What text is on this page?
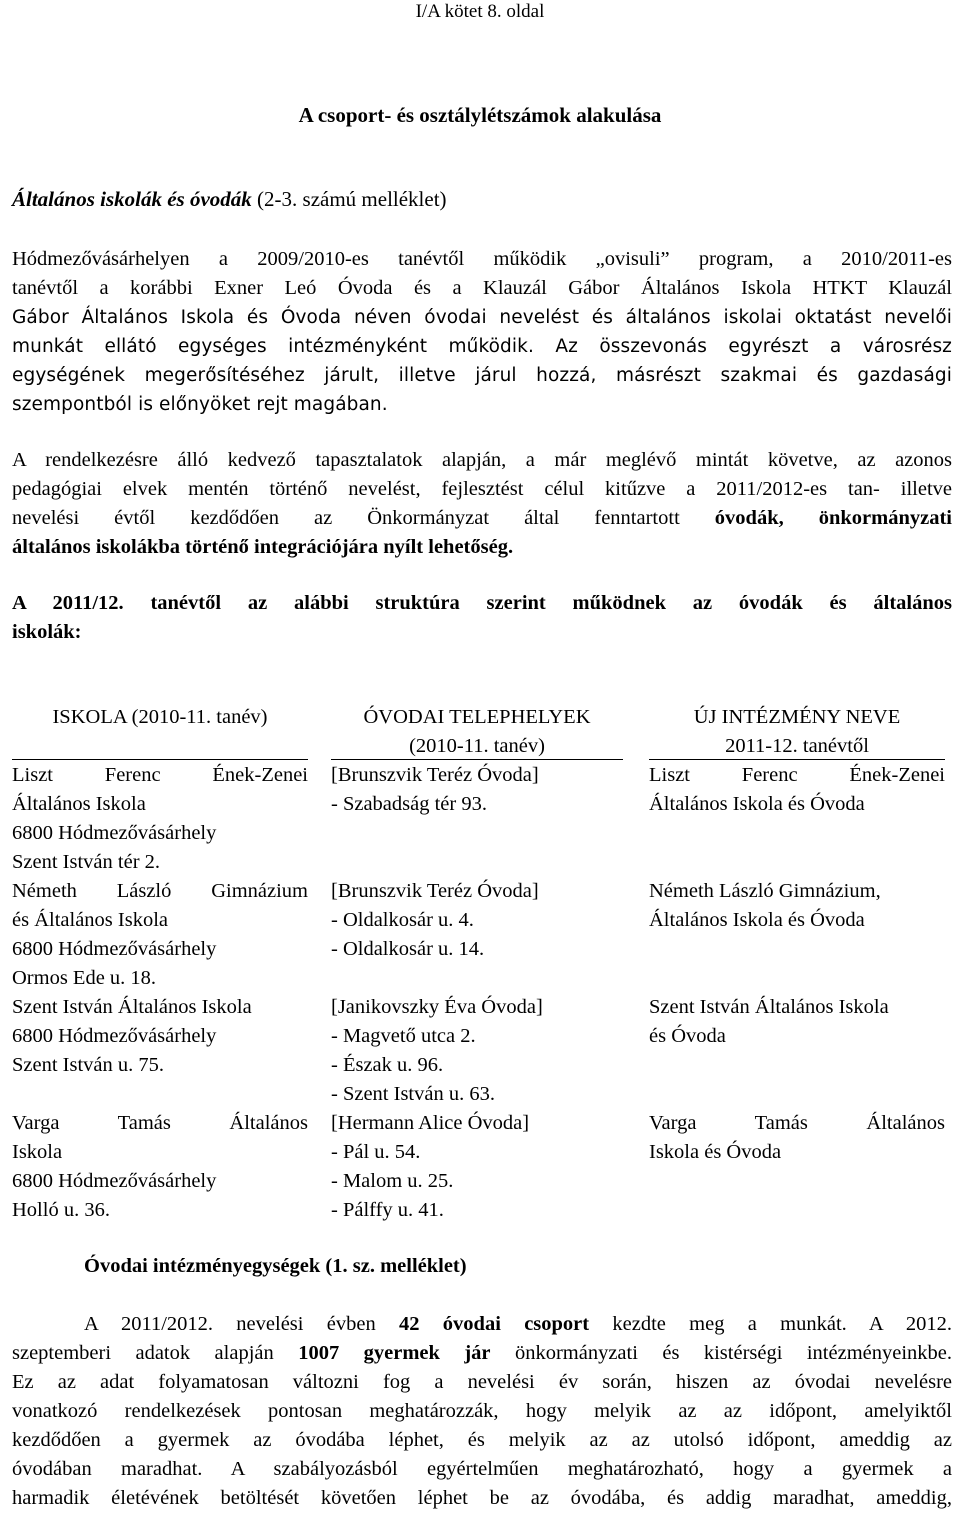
I/A kötet 8. oldal
A csoport- és osztálylétszámok alakulása
Általános iskolák és óvodák (2-3. számú melléklet)
Hódmezővásárhelyen a 2009/2010-es tanévtől működik „ovisuli” program, a 2010/2011-es
tanévtől a korábbi Exner Leó Óvoda és a Klauzál Gábor Általános Iskola HTKT Klauzál
Gábor Általános Iskola és Óvoda néven óvodai nevelést és általános iskolai oktatást nevelői
munkát ellátó egységes intézményként működik. Az összevonás egyrészt a városrész
egységének megerősítéséhez járult, illetve járul hozzá, másrészt szakmai és gazdasági
szempontból is előnyöket rejt magában.
A rendelkezésre álló kedvező tapasztalatok alapján, a már meglévő mintát követve, az azonos
pedagógiai elvek mentén történő nevelést, fejlesztést célul kitűzve a 2011/2012-es tan- illetve
nevelési évtől kezdődően az Önkormányzat által fenntartott óvodák, önkormányzati
általános iskolákba történő integrációjára nyílt lehetőség.
A 2011/12. tanévtől az alábbi struktúra szerint működnek az óvodák és általános
iskolák:
ISKOLA (2010-11. tanév)
Liszt Ferenc Ének-Zenei
Általános Iskola
6800 Hódmezővásárhely
Szent István tér 2.
Németh László Gimnázium
és Általános Iskola
6800 Hódmezővásárhely
Ormos Ede u. 18.
Szent István Általános Iskola
6800 Hódmezővásárhely
Szent István u. 75.
Varga Tamás Általános
Iskola
6800 Hódmezővásárhely
Holló u. 36.
ÓVODAI TELEPHELYEK
(2010-11. tanév)
[Brunszvik Teréz Óvoda]
- Szabadság tér 93.
[Brunszvik Teréz Óvoda]
- Oldalkosár u. 4.
- Oldalkosár u. 14.
[Janikovszky Éva Óvoda]
- Magvető utca 2.
- Észak u. 96.
- Szent István u. 63.
[Hermann Alice Óvoda]
- Pál u. 54.
- Malom u. 25.
- Pálffy u. 41.
ÚJ INTÉZMÉNY NEVE
2011-12. tanévtől
Liszt Ferenc Ének-Zenei
Általános Iskola és Óvoda
Németh László Gimnázium,
Általános Iskola és Óvoda
Szent István Általános Iskola
és Óvoda
Varga Tamás Általános
Iskola és Óvoda
Óvodai intézményegységek (1. sz. melléklet)
A 2011/2012. nevelési évben 42 óvodai csoport kezdte meg a munkát. A 2012.
szeptemberi adatok alapján 1007 gyermek jár önkormányzati és kistérségi intézményeinkbe.
Ez az adat folyamatosan változni fog a nevelési év során, hiszen az óvodai nevelésre
vonatkozó rendelkezések pontosan meghatározzák, hogy melyik az az időpont, amelyiktől
kezdődően a gyermek az óvodába léphet, és melyik az az utolsó időpont, ameddig az
óvodában maradhat. A szabályozásból egyértelműen meghatározható, hogy a gyermek a
harmadik életévének betöltését követően léphet be az óvodába, és addig maradhat, ameddig,
